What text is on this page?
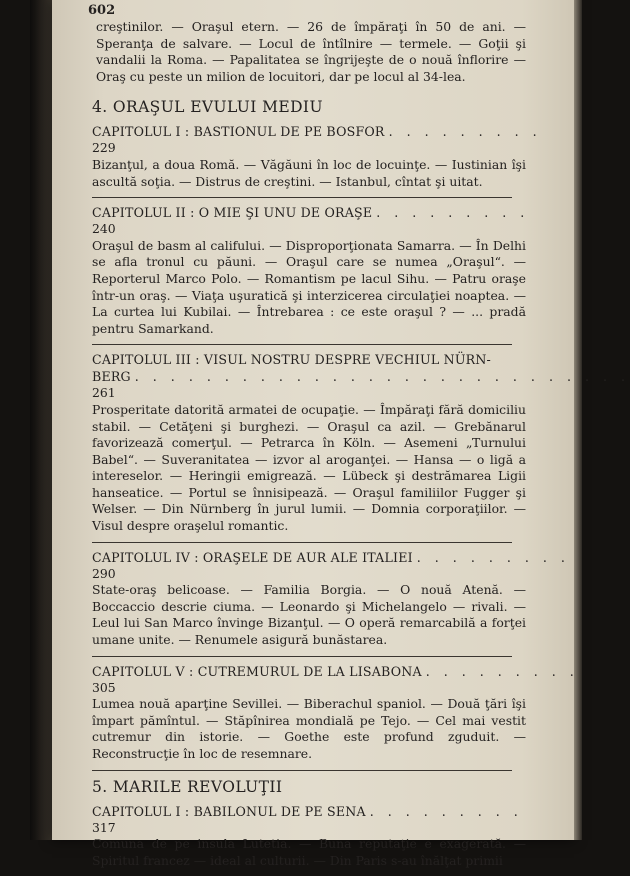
602

creştinilor. — Oraşul etern. — 26 de împăraţi în 50 de ani. — Speranţa de salvare. — Locul de întîlnire — termele. — Goţii şi vandalii la Roma. — Papalitatea se îngrijeşte de o nouă înflorire — Oraş cu peste un milion de locuitori, dar pe locul al 34-lea.

4. ORAŞUL EVULUI MEDIU
CAPITOLUL I : BASTIONUL DE PE BOSFOR . . . . . . . . .
229

Bizanţul, a doua Romă. — Văgăuni în loc de locuinţe. — Iustinian îşi ascultă soţia. — Distrus de creştini. — Istanbul, cîntat şi uitat.

CAPITOLUL II : O MIE ŞI UNU DE ORAŞE . . . . . . . . .
240

Oraşul de basm al califului. — Disproporţionata Samarra. — În Delhi se afla tronul cu păuni. — Oraşul care se numea „Oraşul“. — Reporterul Marco Polo. — Romantism pe lacul Sihu. — Patru oraşe într-un oraş. — Viaţa uşuratică şi interzicerea circulaţiei noaptea. — La curtea lui Kubilai. — Întrebarea : ce este oraşul ? — ... pradă pentru Samarkand.

CAPITOLUL III : VISUL NOSTRU DESPRE VECHIUL NÜRN-
BERG . . . . . . . . . . . . . . . . . . . . . . . . . . . .
261

Prosperitate datorită armatei de ocupaţie. — Împăraţi fără domiciliu stabil. — Cetăţeni şi burghezi. — Oraşul ca azil. — Grebănarul favorizează comerţul. — Petrarca în Köln. — Asemeni „Turnului Babel“. — Suveranitatea — izvor al aroganţei. — Hansa — o ligă a intereselor. — Heringii emigrează. — Lübeck şi destrămarea Ligii hanseatice. — Portul se înnisipează. — Oraşul familiilor Fugger şi Welser. — Din Nürnberg în jurul lumii. — Domnia corporaţiilor. — Visul despre oraşelul romantic.

CAPITOLUL IV : ORAŞELE DE AUR ALE ITALIEI . . . . . . . . .
290

State-oraş belicoase. — Familia Borgia. — O nouă Atenă. — Boccaccio descrie ciuma. — Leonardo şi Michelangelo — rivali. — Leul lui San Marco învinge Bizanţul. — O operă remarcabilă a forţei umane unite. — Renumele asigură bunăstarea.

CAPITOLUL V : CUTREMURUL DE LA LISABONA . . . . . . . . .
305

Lumea nouă aparţine Sevillei. — Biberachul spaniol. — Două ţări îşi împart pămîntul. — Stăpînirea mondială pe Tejo. — Cel mai vestit cutremur din istorie. — Goethe este profund zguduit. — Reconstrucţie în loc de resemnare.

5. MARILE REVOLUŢII
CAPITOLUL I : BABILONUL DE PE SENA . . . . . . . . .
317

Comuna de pe insula Lutetia. — Buna reputaţie e exagerată. — Spiritul francez — ideal al culturii. — Din Paris s-au înălţat primii
